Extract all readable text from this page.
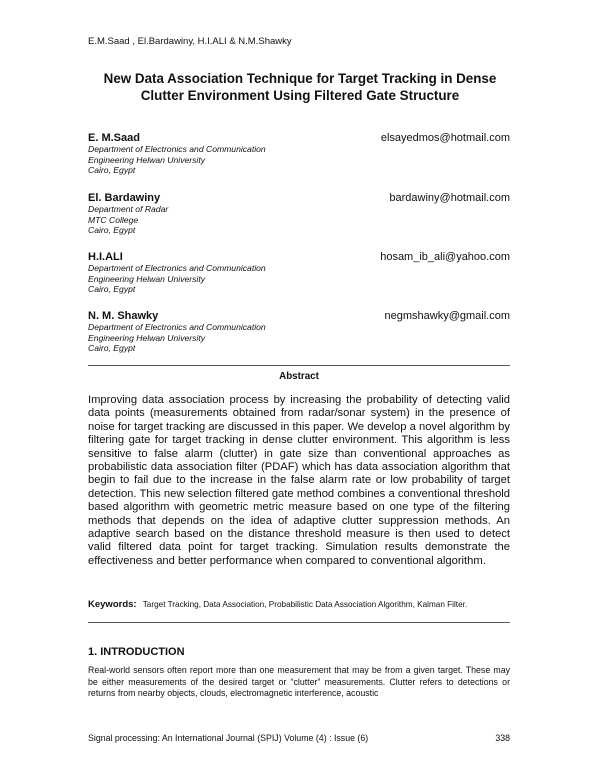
E.M.Saad , El.Bardawiny, H.I.ALI & N.M.Shawky
New Data Association Technique for Target Tracking in Dense
Clutter Environment Using Filtered Gate Structure
E. M.Saad	elsayedmos@hotmail.com
Department of Electronics and Communication
Engineering Helwan University
Cairo, Egypt
El. Bardawiny	bardawiny@hotmail.com
Department of Radar
MTC College
Cairo, Egypt
H.I.ALI	hosam_ib_ali@yahoo.com
Department of Electronics and Communication
Engineering Helwan University
Cairo, Egypt
N. M. Shawky	negmshawky@gmail.com
Department of Electronics and Communication
Engineering Helwan University
Cairo, Egypt
Abstract
Improving data association process by increasing the probability of detecting valid data points (measurements obtained from radar/sonar system) in the presence of noise for target tracking are discussed in this paper. We develop a novel algorithm by filtering gate for target tracking in dense clutter environment. This algorithm is less sensitive to false alarm (clutter) in gate size than conventional approaches as probabilistic data association filter (PDAF) which has data association algorithm that begin to fail due to the increase in the false alarm rate or low probability of target detection. This new selection filtered gate method combines a conventional threshold based algorithm with geometric metric measure based on one type of the filtering methods that depends on the idea of adaptive clutter suppression methods. An adaptive search based on the distance threshold measure is then used to detect valid filtered data point for target tracking. Simulation results demonstrate the effectiveness and better performance when compared to conventional algorithm.
Keywords: Target Tracking, Data Association, Probabilistic Data Association Algorithm, Kalman Filter.
1. INTRODUCTION
Real-world sensors often report more than one measurement that may be from a given target. These may be either measurements of the desired target or “clutter” measurements. Clutter refers to detections or returns from nearby objects, clouds, electromagnetic interference, acoustic
Signal processing: An International Journal (SPIJ) Volume (4) : Issue (6)	338
